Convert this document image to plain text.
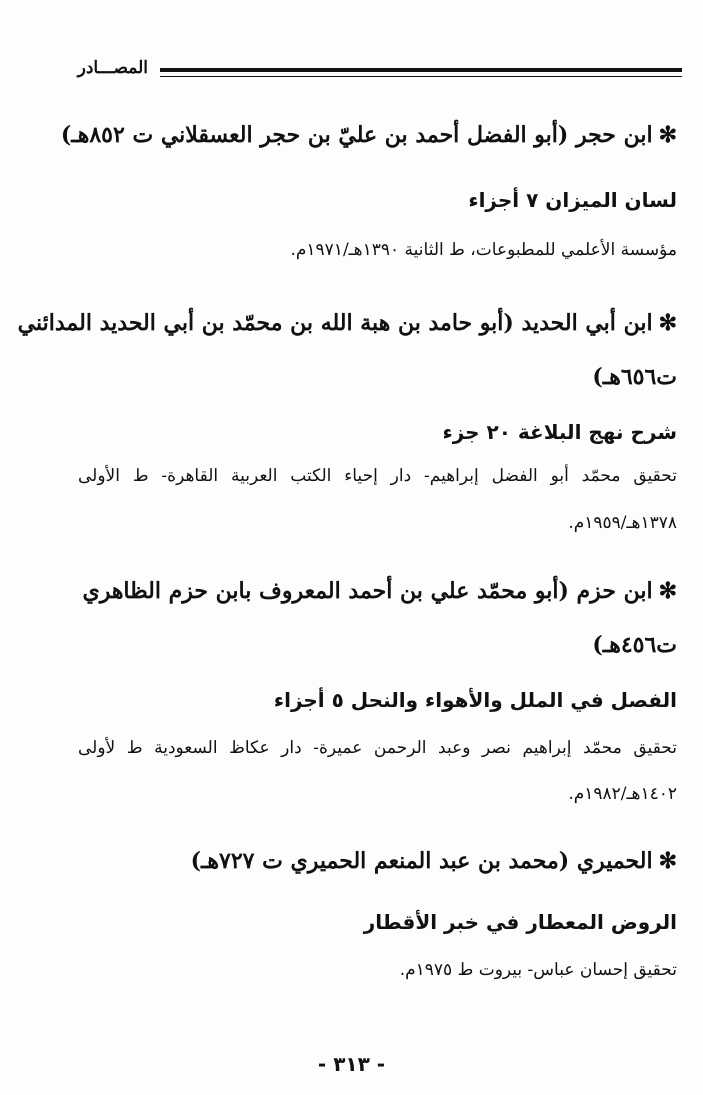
المصـــادر
✻ابن حجر (أبو الفضل أحمد بن عليّ بن حجر العسقلاني ت ٨٥٢هـ)
لسان الميزان ٧ أجزاء
مؤسسة الأعلمي للمطبوعات، ط الثانية ١٣٩٠هـ/١٩٧١م.
✻ابن أبي الحديد (أبو حامد بن هبة الله بن محمّد بن أبي الحديد المدائني
ت٦٥٦هـ)
شرح نهج البلاغة ٢٠ جزء
تحقيق محمّد أبو الفضل إبراهيم- دار إحياء الكتب العربية القاهرة- ط الأولى
١٣٧٨هـ/١٩٥٩م.
✻ابن حزم (أبو محمّد علي بن أحمد المعروف بابن حزم الظاهري
ت٤٥٦هـ)
الفصل في الملل والأهواء والنحل ٥ أجزاء
تحقيق محمّد إبراهيم نصر وعبد الرحمن عميرة- دار عكاظ السعودية ط لأولى
١٤٠٢هـ/١٩٨٢م.
✻الحميري (محمد بن عبد المنعم الحميري ت ٧٢٧هـ)
الروض المعطار في خبر الأقطار
تحقيق إحسان عباس- بيروت ط ١٩٧٥م.
- ٣١٣ -
